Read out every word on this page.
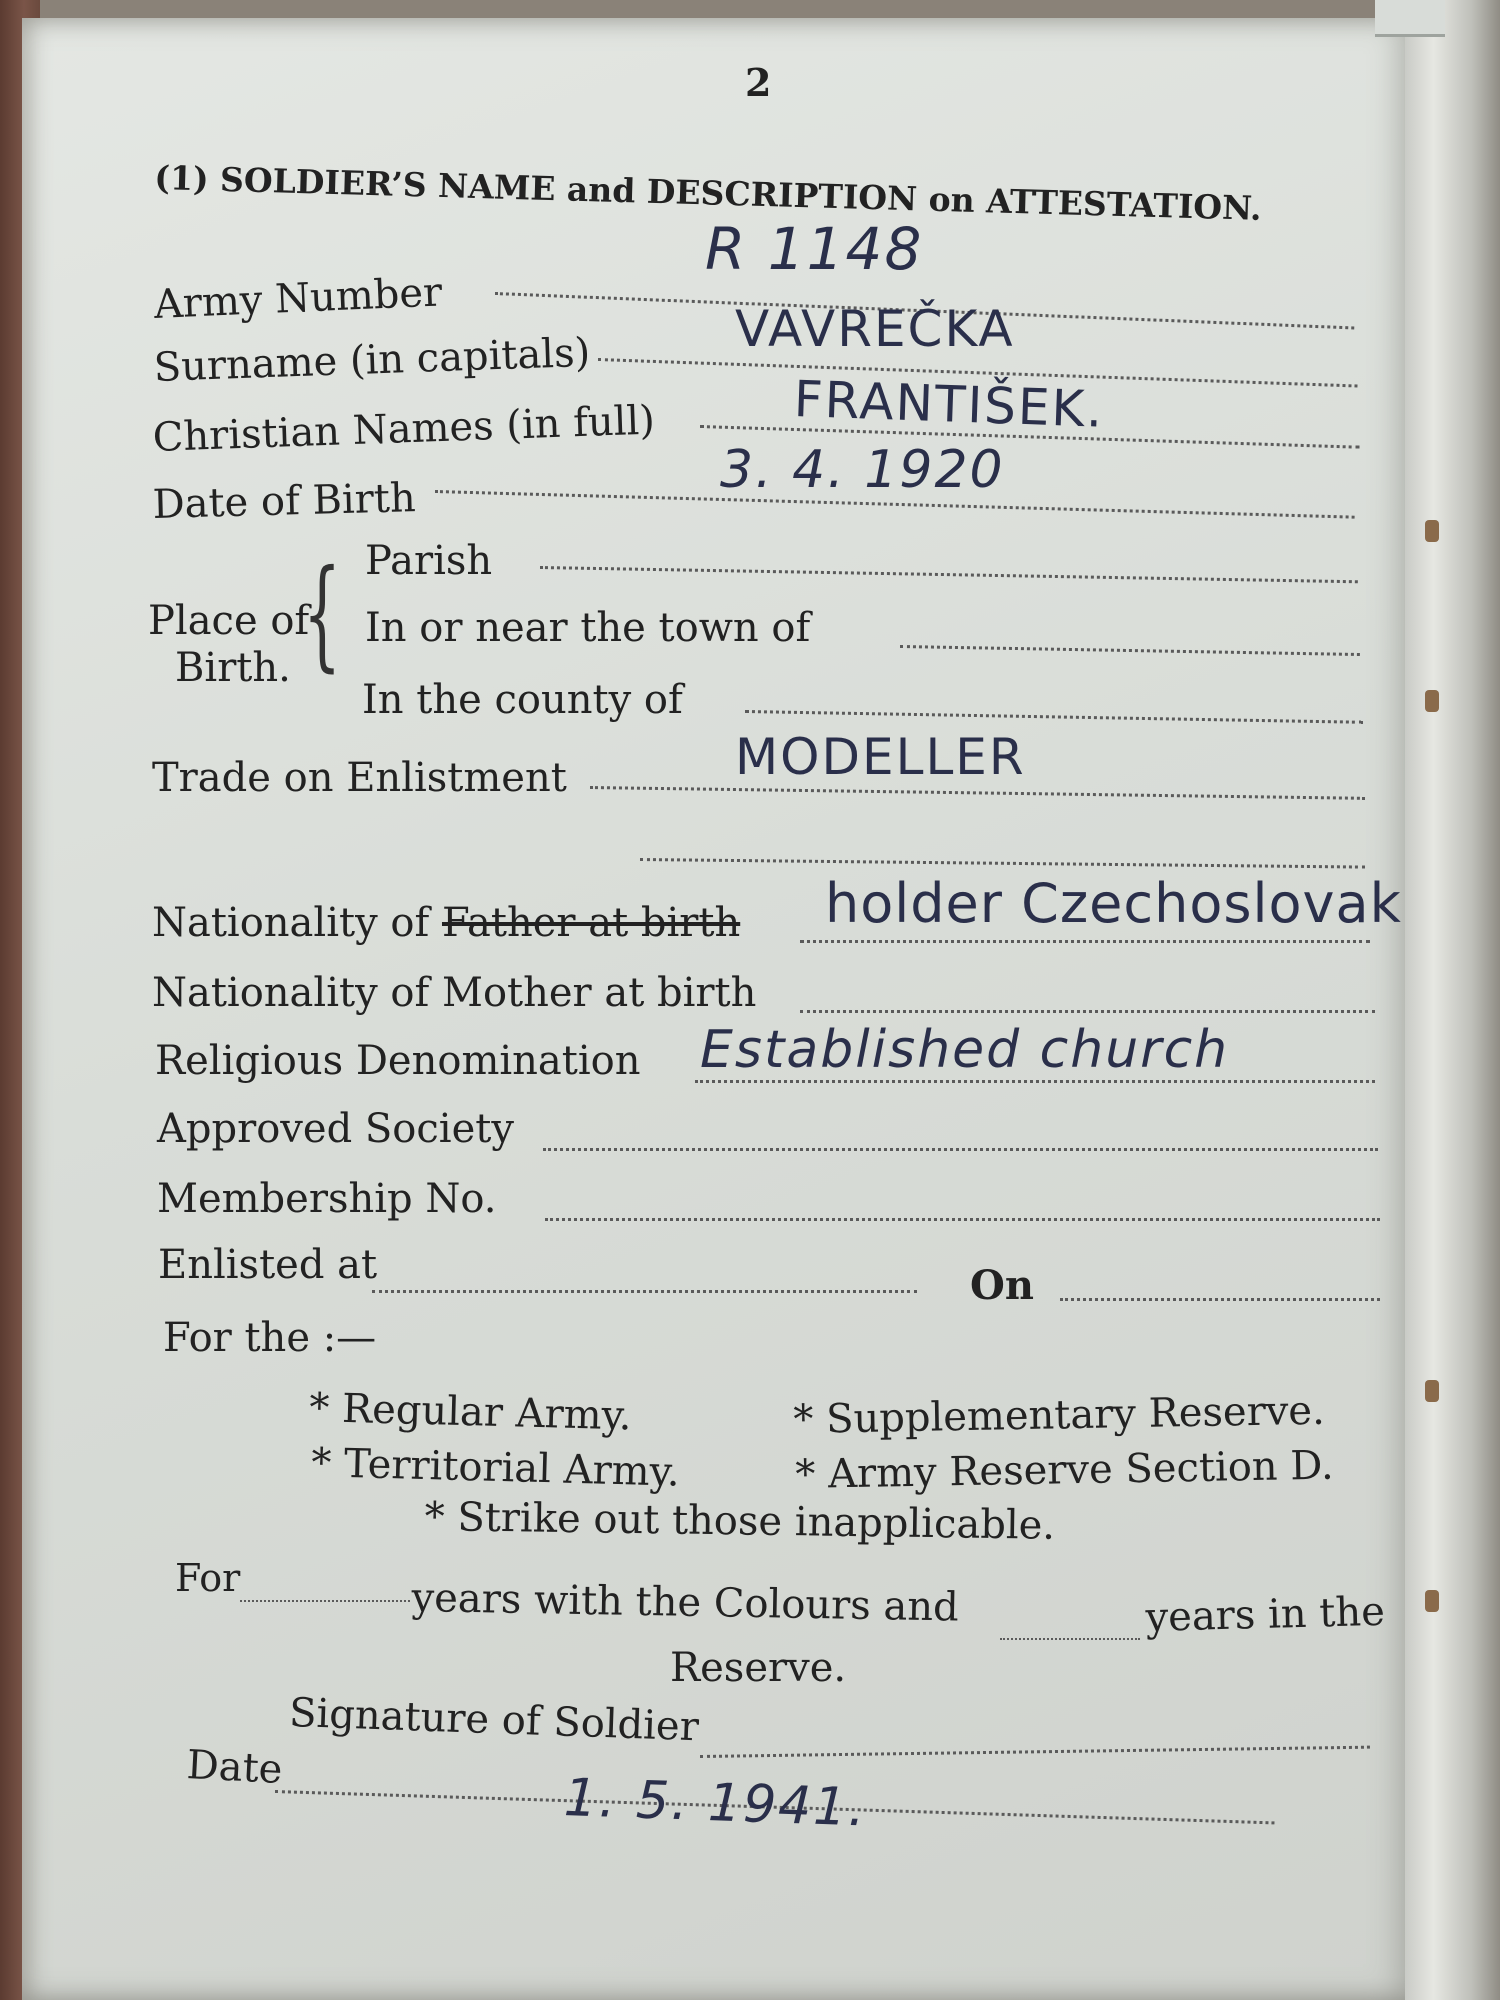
2
(1) SOLDIER’S NAME and DESCRIPTION on ATTESTATION.
Army Number
R 1148
Surname (in capitals)
VAVREČKA
Christian Names (in full)	FRANTIŠEK.
Date of Birth
3. 4. 1920
Place of
Birth. { Parish
In or near the town of
In the county of
Trade on Enlistment	MODELLER
Nationality of Father at birth holder Czechoslovak
Nationality of Mother at birth
Religious Denomination Established church
Approved Society
Membership No.
Enlisted at	On
For the :—
* Regular Army.	* Supplementary Reserve.
* Territorial Army.	* Army Reserve Section D.
* Strike out those inapplicable.
For	years with the Colours and	years in the
Reserve.
Signature of Soldier
Date
1. 5. 1941.
